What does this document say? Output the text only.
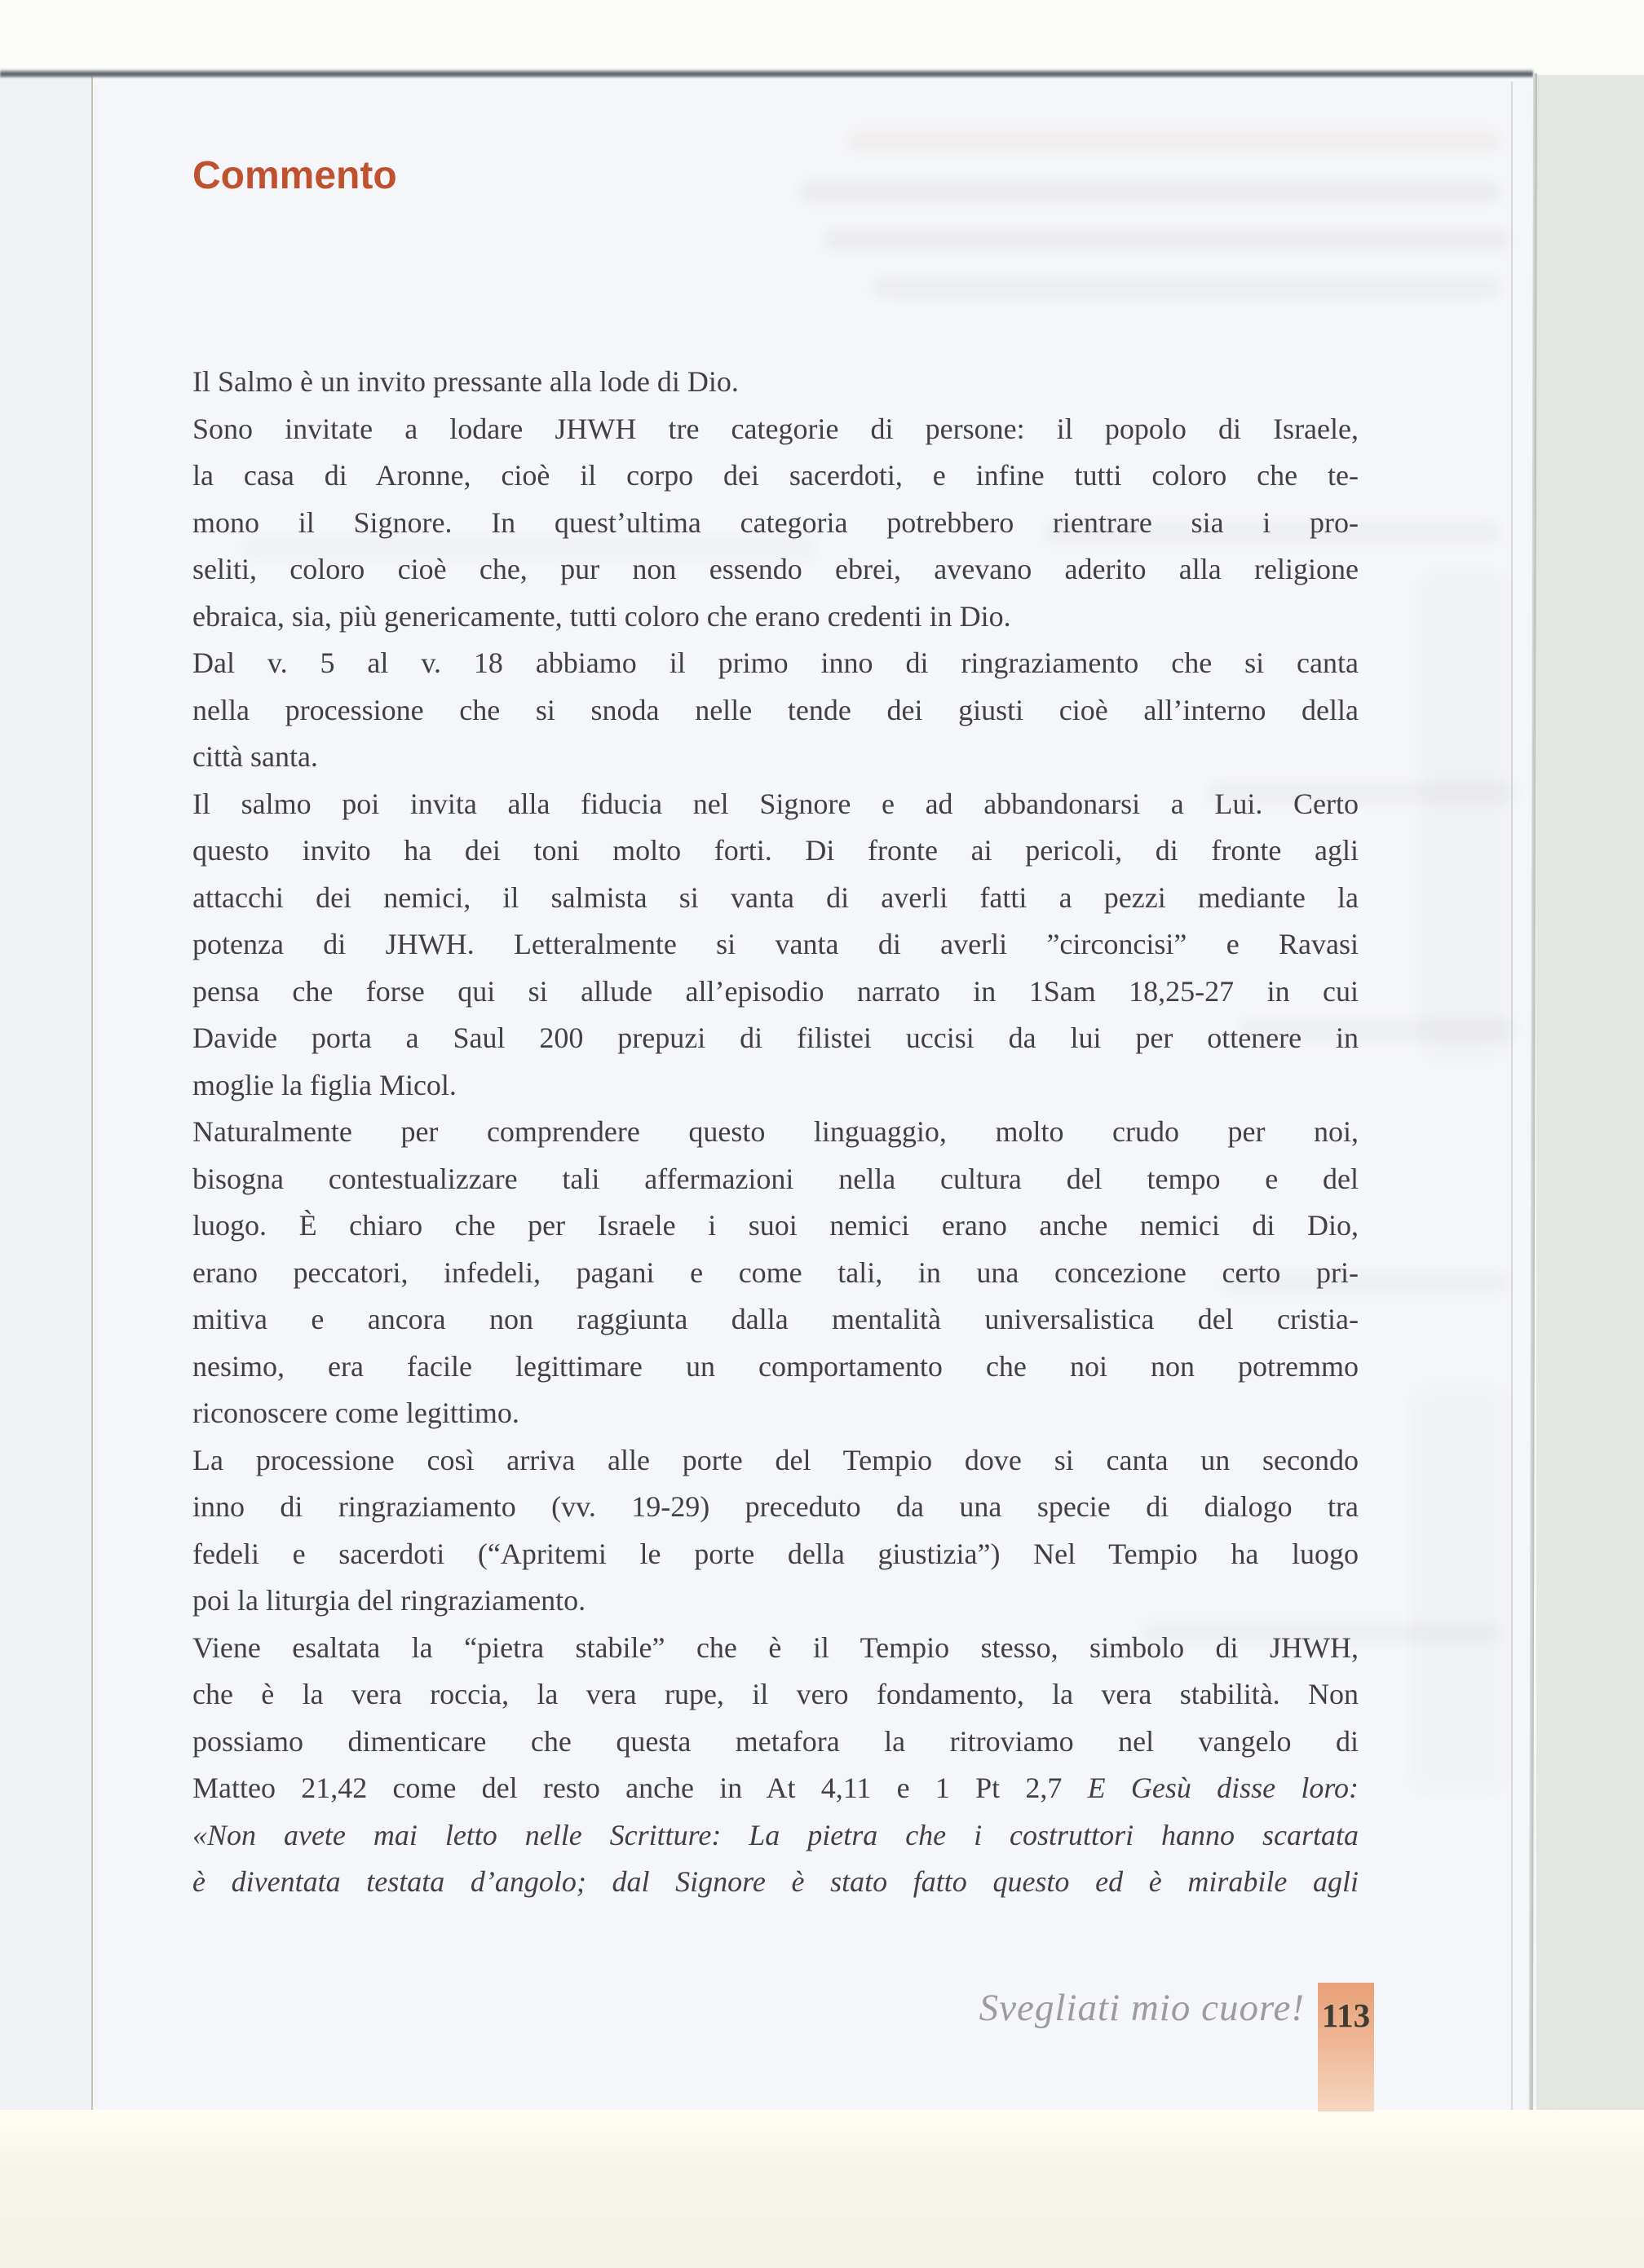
Commento
Il Salmo è un invito pressante alla lode di Dio.
Sono invitate a lodare JHWH tre categorie di persone: il popolo di Israele,
la casa di Aronne, cioè il corpo dei sacerdoti, e infine tutti coloro che te-
mono il Signore. In quest’ultima categoria potrebbero rientrare sia i pro-
seliti, coloro cioè che, pur non essendo ebrei, avevano aderito alla religione
ebraica, sia, più genericamente, tutti coloro che erano credenti in Dio.
Dal v. 5 al v. 18 abbiamo il primo inno di ringraziamento che si canta
nella processione che si snoda nelle tende dei giusti cioè all’interno della
città santa.
Il salmo poi invita alla fiducia nel Signore e ad abbandonarsi a Lui. Certo
questo invito ha dei toni molto forti. Di fronte ai pericoli, di fronte agli
attacchi dei nemici, il salmista si vanta di averli fatti a pezzi mediante la
potenza di JHWH. Letteralmente si vanta di averli ”circoncisi” e Ravasi
pensa che forse qui si allude all’episodio narrato in 1Sam 18,25-27 in cui
Davide porta a Saul 200 prepuzi di filistei uccisi da lui per ottenere in
moglie la figlia Micol.
Naturalmente per comprendere questo linguaggio, molto crudo per noi,
bisogna contestualizzare tali affermazioni nella cultura del tempo e del
luogo. È chiaro che per Israele i suoi nemici erano anche nemici di Dio,
erano peccatori, infedeli, pagani e come tali, in una concezione certo pri-
mitiva e ancora non raggiunta dalla mentalità universalistica del cristia-
nesimo, era facile legittimare un comportamento che noi non potremmo
riconoscere come legittimo.
La processione così arriva alle porte del Tempio dove si canta un secondo
inno di ringraziamento (vv. 19-29) preceduto da una specie di dialogo tra
fedeli e sacerdoti (“Apritemi le porte della giustizia”) Nel Tempio ha luogo
poi la liturgia del ringraziamento.
Viene esaltata la “pietra stabile” che è il Tempio stesso, simbolo di JHWH,
che è la vera roccia, la vera rupe, il vero fondamento, la vera stabilità. Non
possiamo dimenticare che questa metafora la ritroviamo nel vangelo di
Matteo 21,42 come del resto anche in At 4,11 e 1 Pt 2,7 E Gesù disse loro:
«Non avete mai letto nelle Scritture: La pietra che i costruttori hanno scartata
è diventata testata d’angolo; dal Signore è stato fatto questo ed è mirabile agli
Svegliati mio cuore! 113
